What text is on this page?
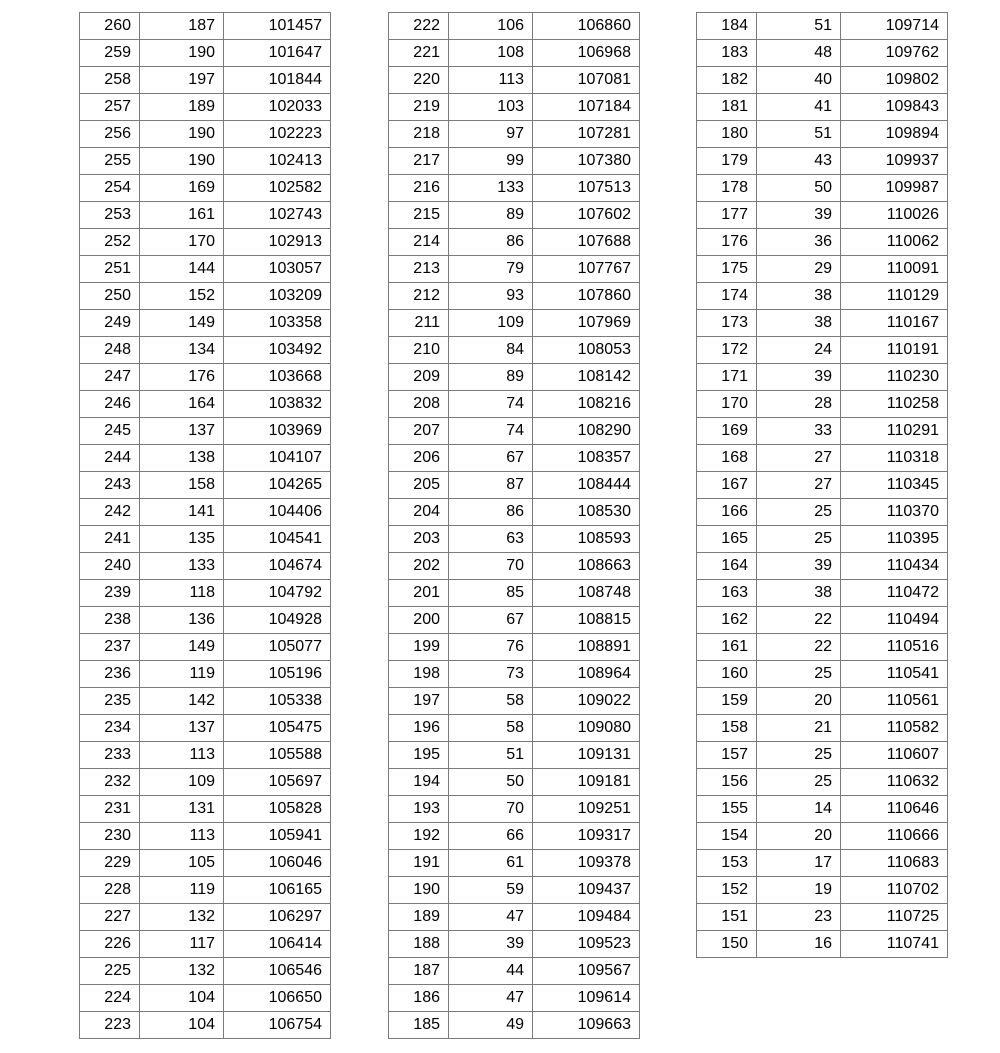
260	187	101457
259	190	101647
258	197	101844
257	189	102033
256	190	102223
255	190	102413
254	169	102582
253	161	102743
252	170	102913
251	144	103057
250	152	103209
249	149	103358
248	134	103492
247	176	103668
246	164	103832
245	137	103969
244	138	104107
243	158	104265
242	141	104406
241	135	104541
240	133	104674
239	118	104792
238	136	104928
237	149	105077
236	119	105196
235	142	105338
234	137	105475
233	113	105588
232	109	105697
231	131	105828
230	113	105941
229	105	106046
228	119	106165
227	132	106297
226	117	106414
225	132	106546
224	104	106650
223	104	106754
222	106	106860
221	108	106968
220	113	107081
219	103	107184
218	97	107281
217	99	107380
216	133	107513
215	89	107602
214	86	107688
213	79	107767
212	93	107860
211	109	107969
210	84	108053
209	89	108142
208	74	108216
207	74	108290
206	67	108357
205	87	108444
204	86	108530
203	63	108593
202	70	108663
201	85	108748
200	67	108815
199	76	108891
198	73	108964
197	58	109022
196	58	109080
195	51	109131
194	50	109181
193	70	109251
192	66	109317
191	61	109378
190	59	109437
189	47	109484
188	39	109523
187	44	109567
186	47	109614
185	49	109663
184	51	109714
183	48	109762
182	40	109802
181	41	109843
180	51	109894
179	43	109937
178	50	109987
177	39	110026
176	36	110062
175	29	110091
174	38	110129
173	38	110167
172	24	110191
171	39	110230
170	28	110258
169	33	110291
168	27	110318
167	27	110345
166	25	110370
165	25	110395
164	39	110434
163	38	110472
162	22	110494
161	22	110516
160	25	110541
159	20	110561
158	21	110582
157	25	110607
156	25	110632
155	14	110646
154	20	110666
153	17	110683
152	19	110702
151	23	110725
150	16	110741
